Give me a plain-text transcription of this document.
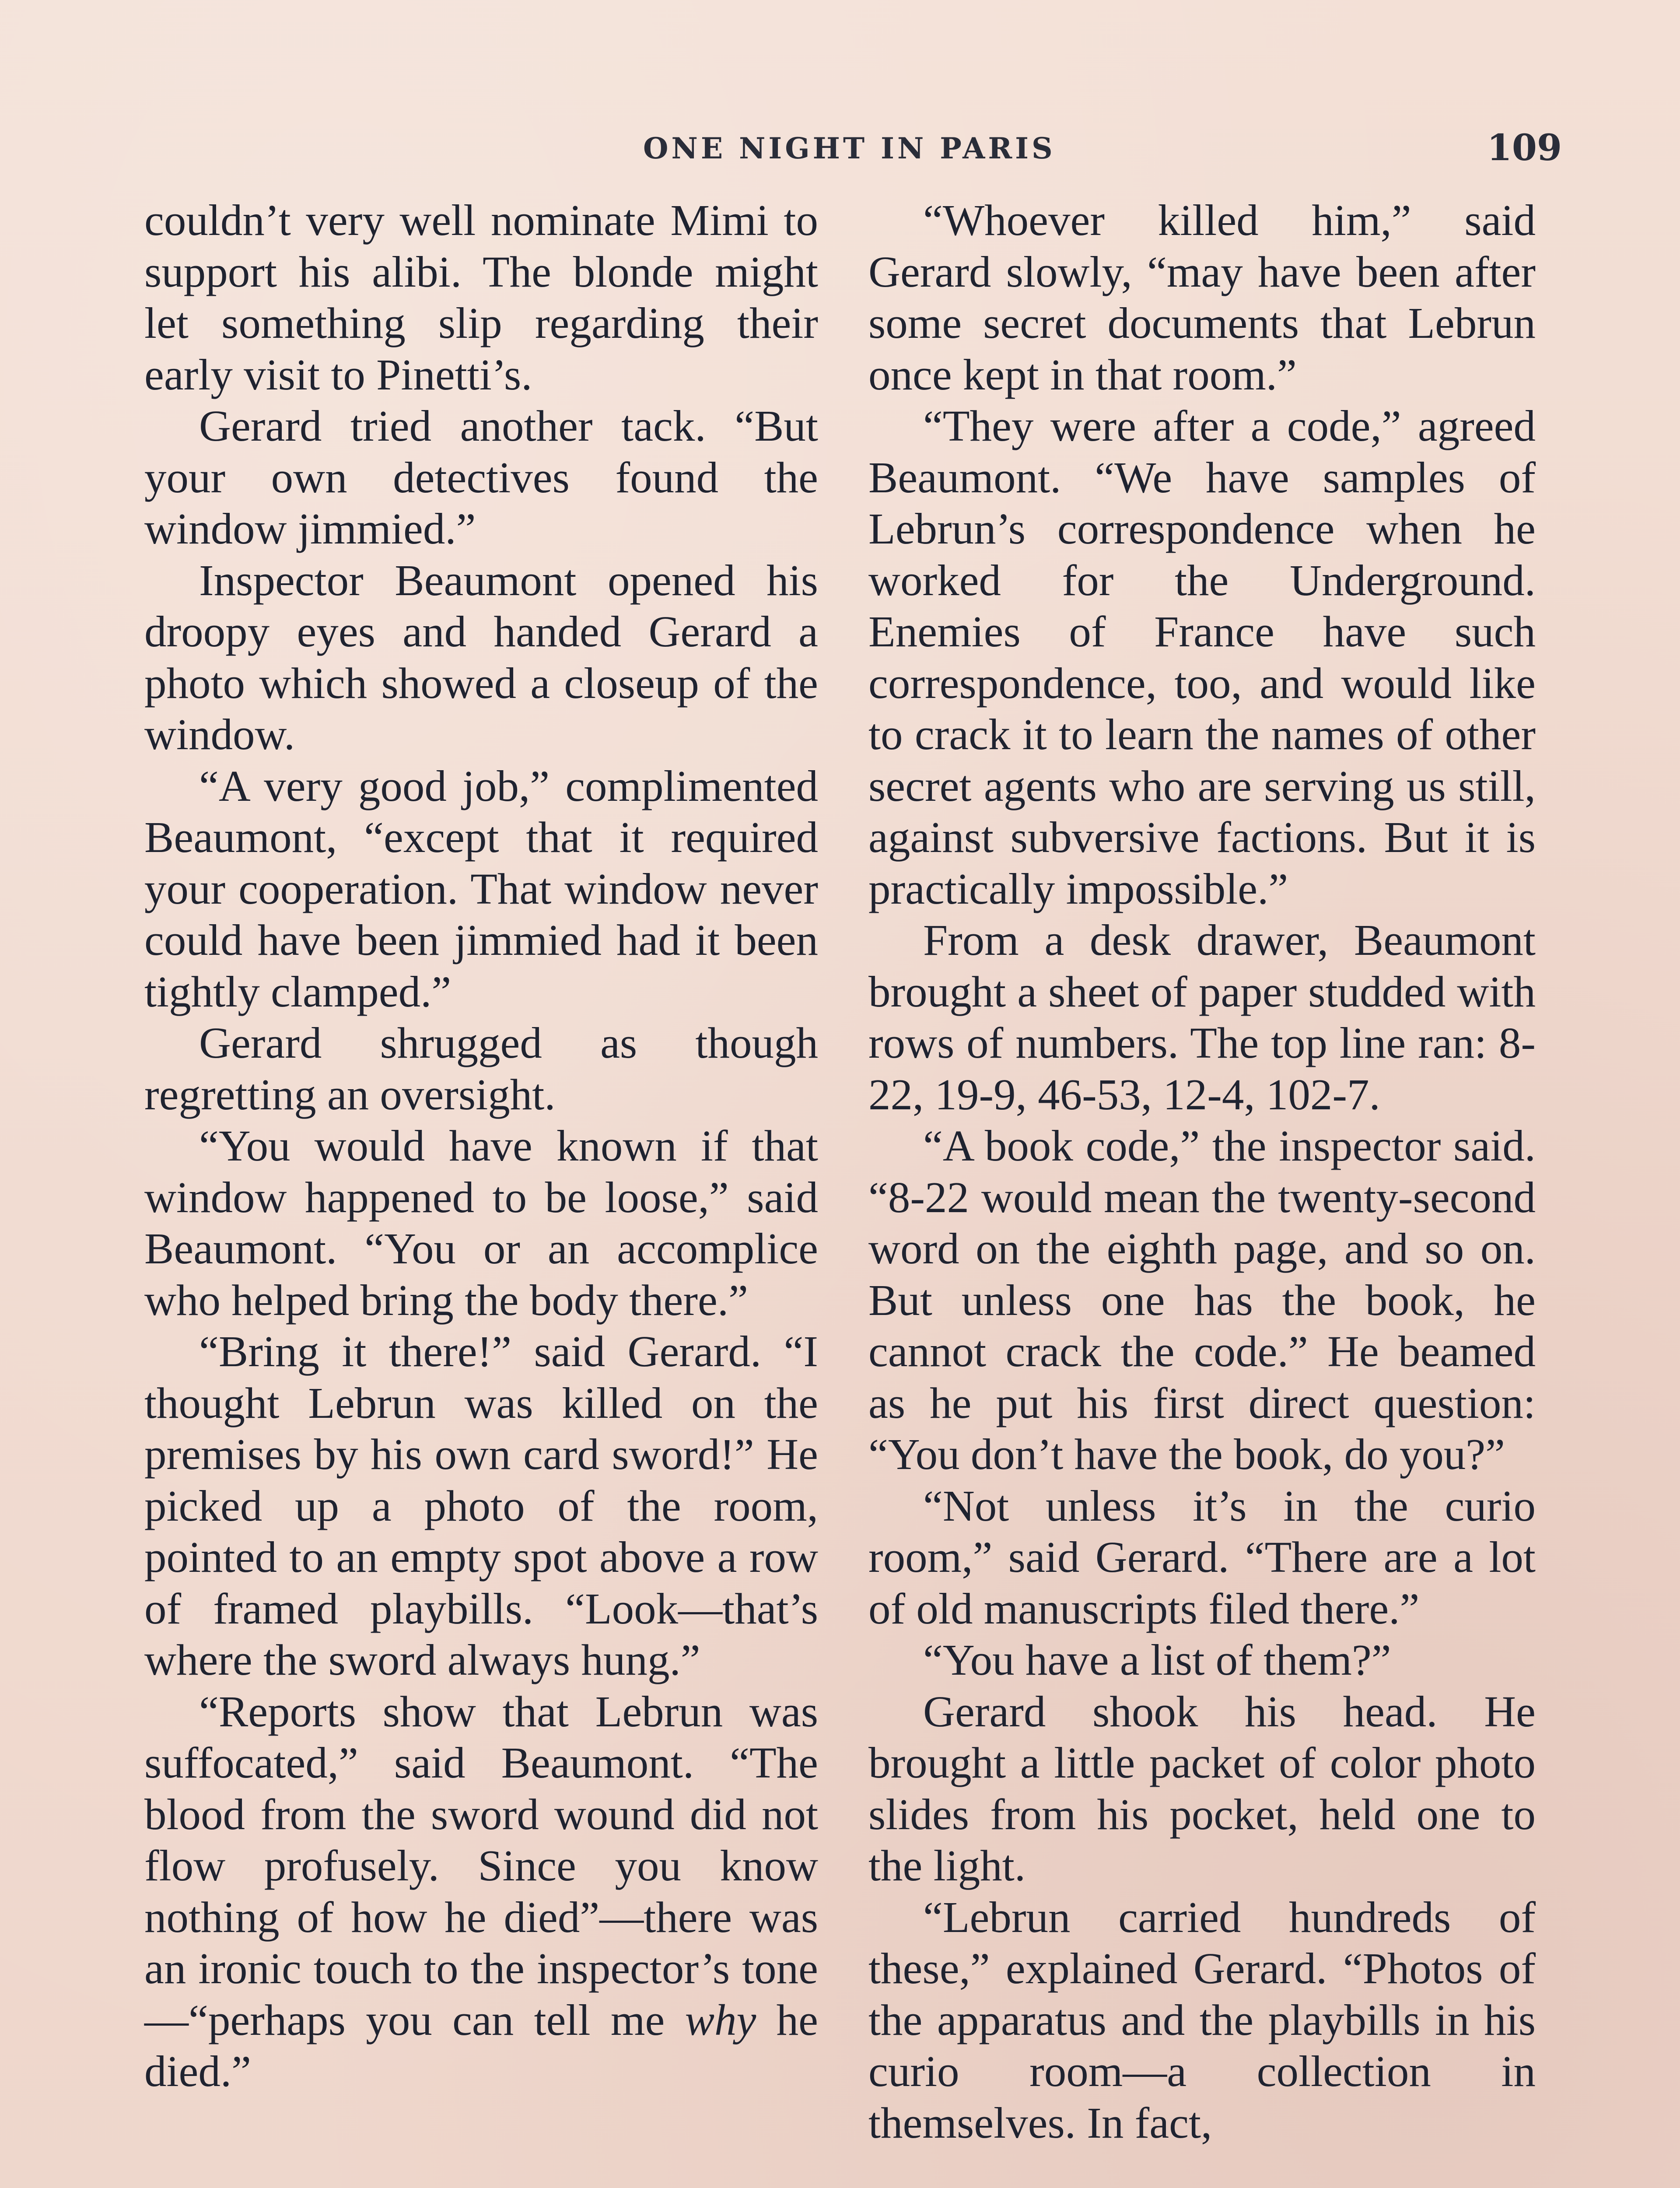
ONE NIGHT IN PARIS	109

couldn’t very well nominate Mimi to support his alibi. The blonde might let something slip regarding their early visit to Pinetti’s.

Gerard tried another tack. “But your own detectives found the window jimmied.”

Inspector Beaumont opened his droopy eyes and handed Gerard a photo which showed a closeup of the window.

“A very good job,” complimented Beaumont, “except that it required your cooperation. That window never could have been jimmied had it been tightly clamped.”

Gerard shrugged as though regretting an oversight.

“You would have known if that window happened to be loose,” said Beaumont. “You or an accomplice who helped bring the body there.”

“Bring it there!” said Gerard. “I thought Lebrun was killed on the premises by his own card sword!” He picked up a photo of the room, pointed to an empty spot above a row of framed playbills. “Look—that’s where the sword always hung.”

“Reports show that Lebrun was suffocated,” said Beaumont. “The blood from the sword wound did not flow profusely. Since you know nothing of how he died”—there was an ironic touch to the inspector’s tone—“perhaps you can tell me why he died.”

“Whoever killed him,” said Gerard slowly, “may have been after some secret documents that Lebrun once kept in that room.”

“They were after a code,” agreed Beaumont. “We have samples of Lebrun’s correspondence when he worked for the Underground. Enemies of France have such correspondence, too, and would like to crack it to learn the names of other secret agents who are serving us still, against subversive factions. But it is practically impossible.”

From a desk drawer, Beaumont brought a sheet of paper studded with rows of numbers. The top line ran: 8-22, 19-9, 46-53, 12-4, 102-7.

“A book code,” the inspector said. “8-22 would mean the twenty-second word on the eighth page, and so on. But unless one has the book, he cannot crack the code.” He beamed as he put his first direct question: “You don’t have the book, do you?”

“Not unless it’s in the curio room,” said Gerard. “There are a lot of old manuscripts filed there.”

“You have a list of them?”

Gerard shook his head. He brought a little packet of color photo slides from his pocket, held one to the light.

“Lebrun carried hundreds of these,” explained Gerard. “Photos of the apparatus and the playbills in his curio room—a collection in themselves. In fact,
